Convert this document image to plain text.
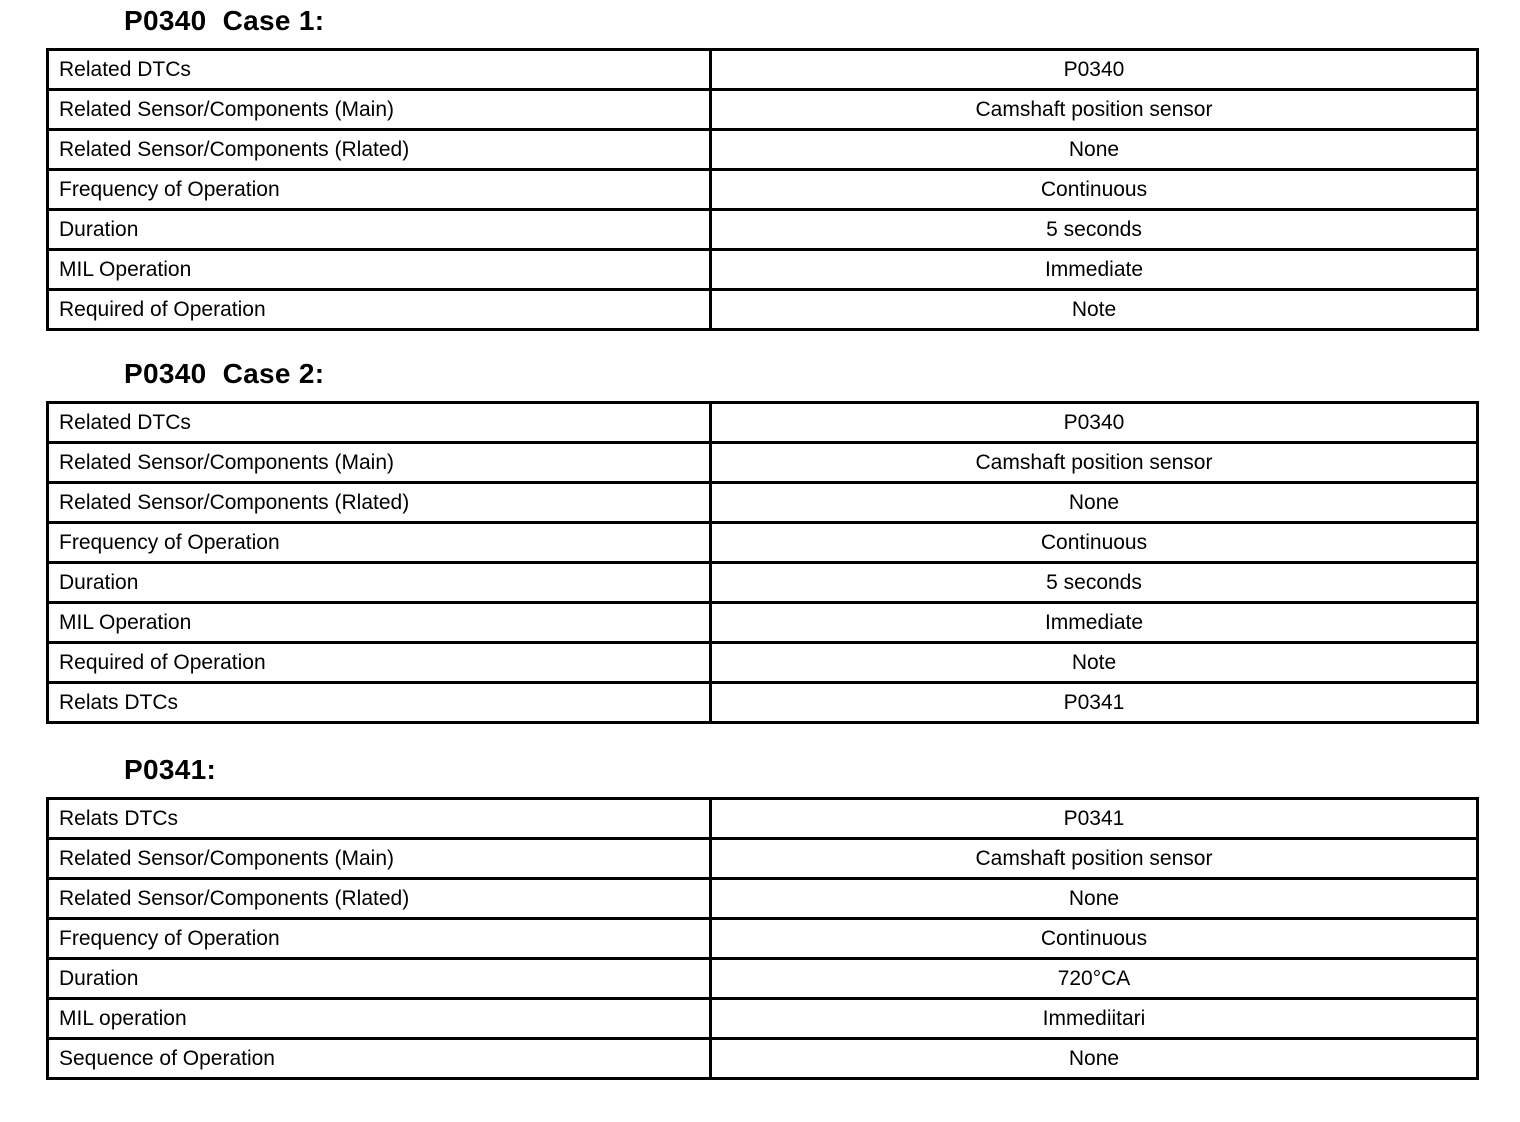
P0340  Case 1:
Related DTCs	P0340
Related Sensor/Components (Main)	Camshaft position sensor
Related Sensor/Components (Rlated)	None
Frequency of Operation	Continuous
Duration	5 seconds
MIL Operation	Immediate
Required of Operation	Note
P0340  Case 2:
Related DTCs	P0340
Related Sensor/Components (Main)	Camshaft position sensor
Related Sensor/Components (Rlated)	None
Frequency of Operation	Continuous
Duration	5 seconds
MIL Operation	Immediate
Required of Operation	Note
Relats DTCs	P0341
P0341:
Relats DTCs	P0341
Related Sensor/Components (Main)	Camshaft position sensor
Related Sensor/Components (Rlated)	None
Frequency of Operation	Continuous
Duration	720°CA
MIL operation	Immediitari
Sequence of Operation	None
